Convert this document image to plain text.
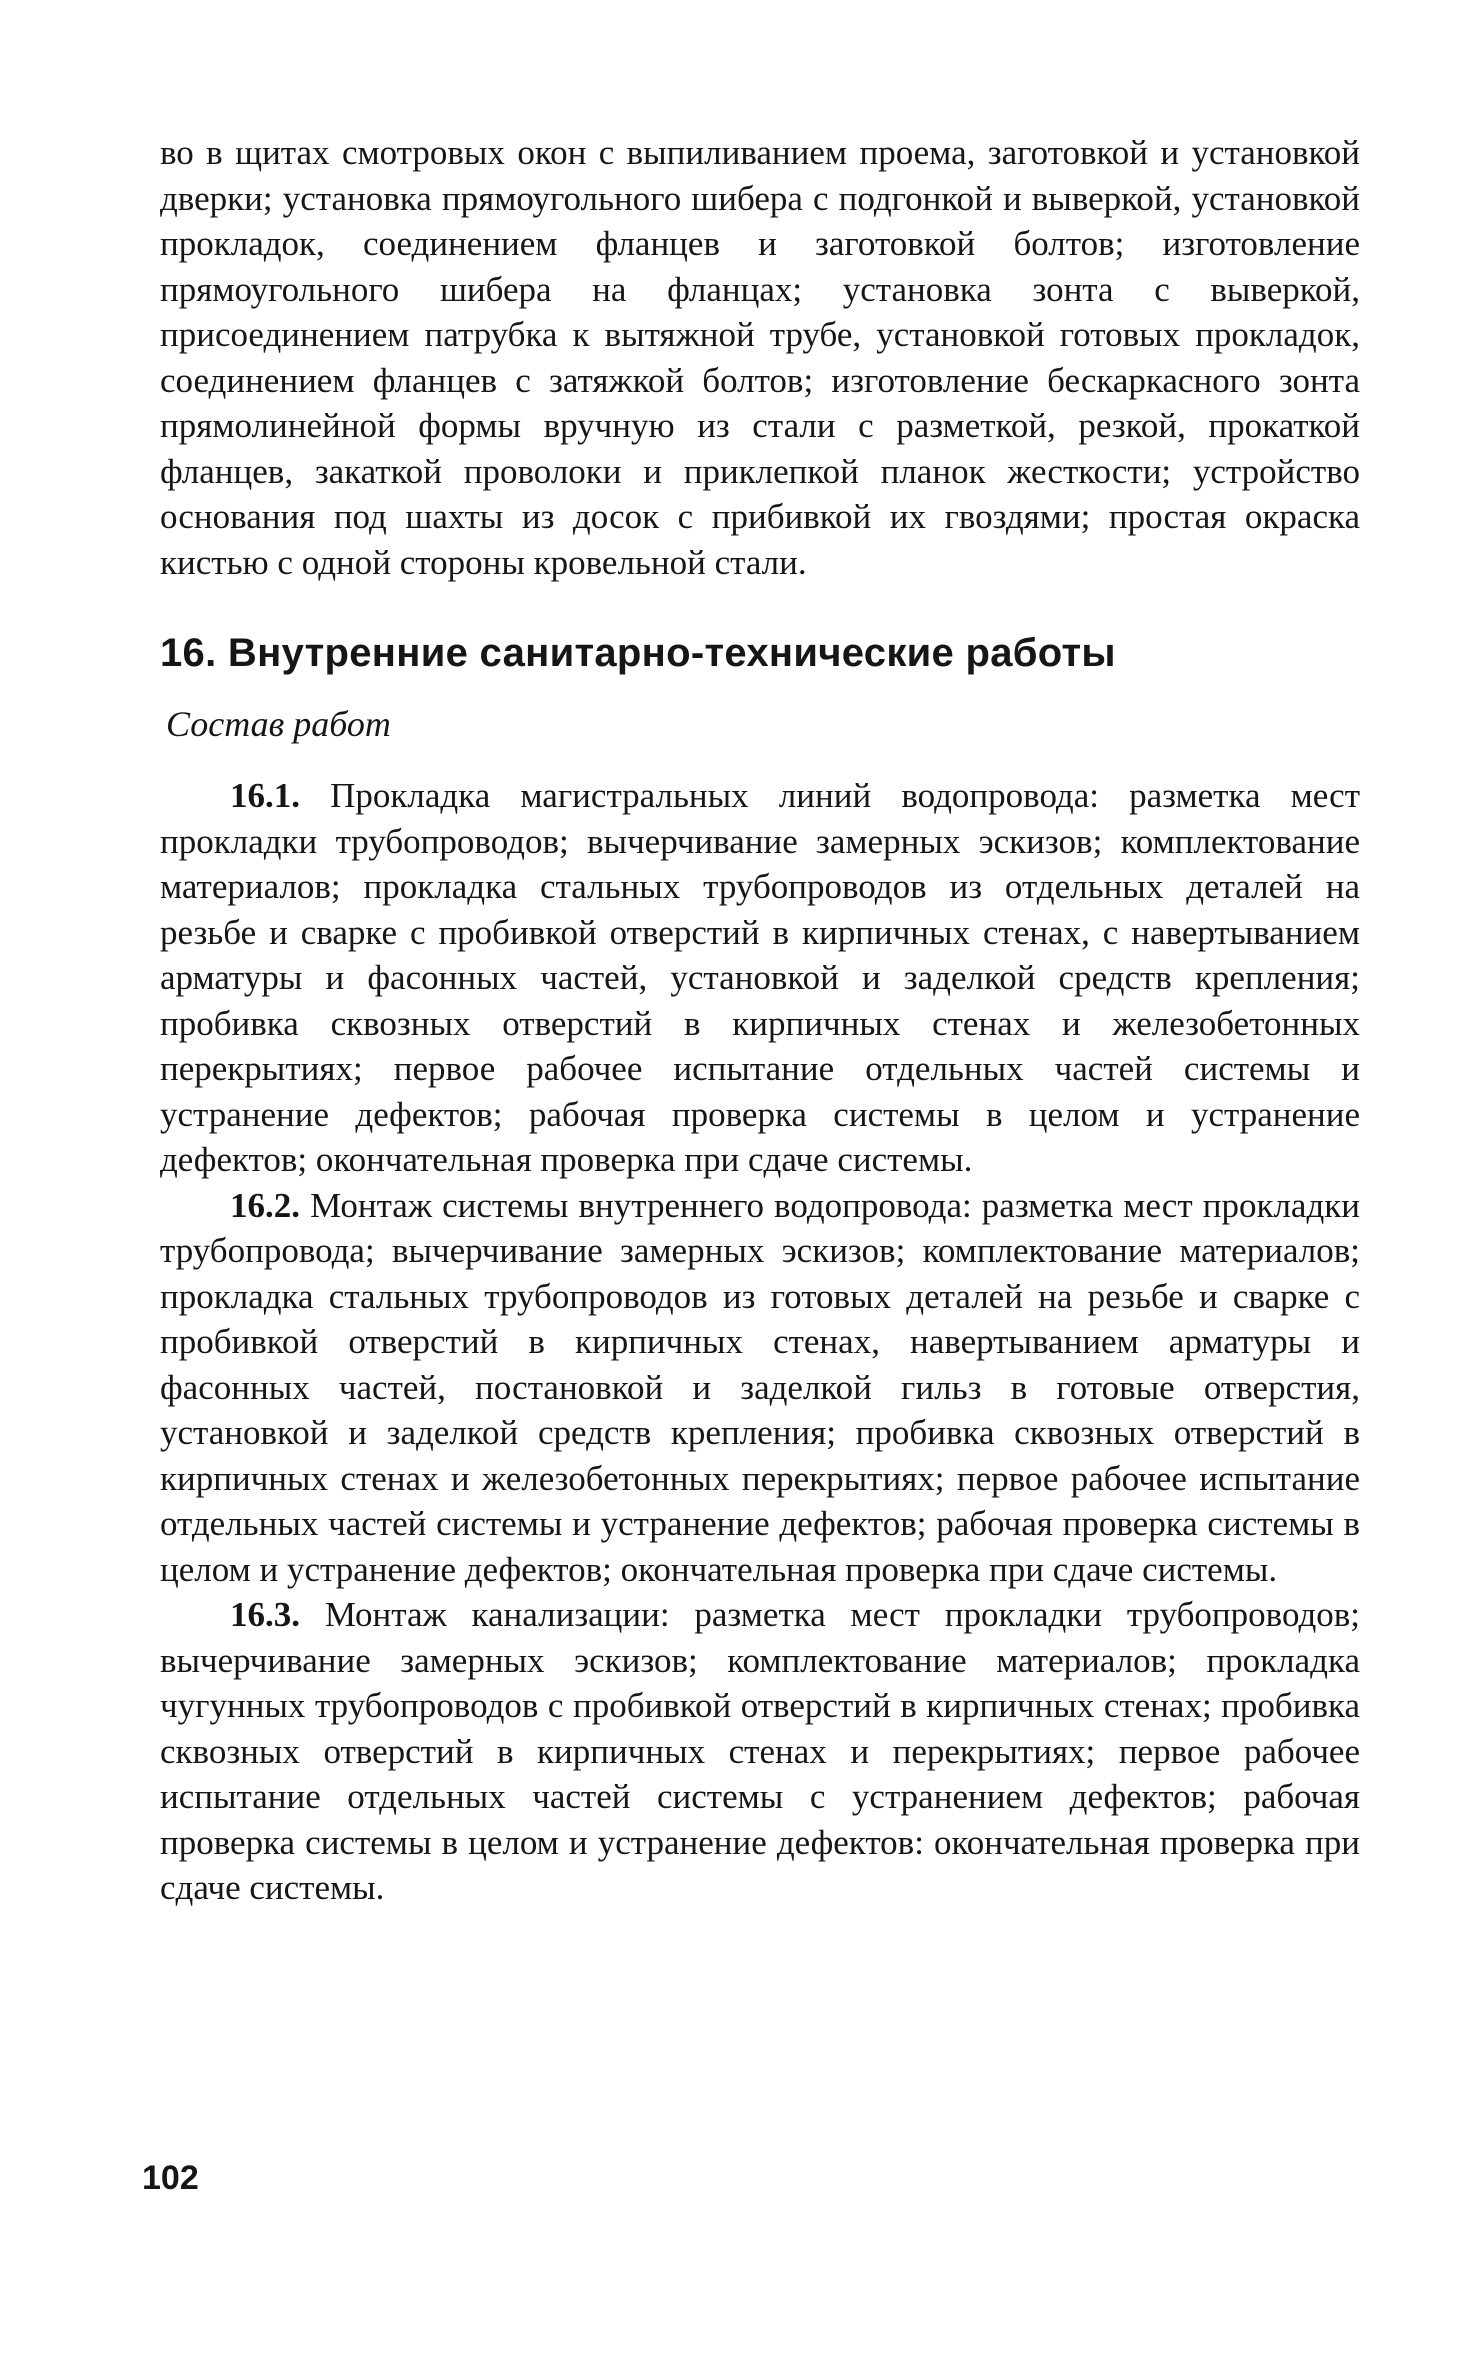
во в щитах смотровых окон с выпиливанием проема, заготовкой и установкой дверки; установка прямоугольного шибера с подгонкой и выверкой, установкой прокладок, соединением фланцев и заготовкой болтов; изготовление прямоугольного шибера на фланцах; установка зонта с выверкой, присоединением патрубка к вытяжной трубе, установкой готовых прокладок, соединением фланцев с затяжкой болтов; изготовление бескаркасного зонта прямолинейной формы вручную из стали с разметкой, резкой, прокаткой фланцев, закаткой проволоки и приклепкой планок жесткости; устройство основания под шахты из досок с прибивкой их гвоздями; простая окраска кистью с одной стороны кровельной стали.

16. Внутренние санитарно-технические работы
Состав работ

16.1. Прокладка магистральных линий водопровода: разметка мест прокладки трубопроводов; вычерчивание замерных эскизов; комплектование материалов; прокладка стальных трубопроводов из отдельных деталей на резьбе и сварке с пробивкой отверстий в кирпичных стенах, с навертыванием арматуры и фасонных частей, установкой и заделкой средств крепления; пробивка сквозных отверстий в кирпичных стенах и железобетонных перекрытиях; первое рабочее испытание отдельных частей системы и устранение дефектов; рабочая проверка системы в целом и устранение дефектов; окончательная проверка при сдаче системы.

16.2. Монтаж системы внутреннего водопровода: разметка мест прокладки трубопровода; вычерчивание замерных эскизов; комплектование материалов; прокладка стальных трубопроводов из готовых деталей на резьбе и сварке с пробивкой отверстий в кирпичных стенах, навертыванием арматуры и фасонных частей, постановкой и заделкой гильз в готовые отверстия, установкой и заделкой средств крепления; пробивка сквозных отверстий в кирпичных стенах и железобетонных перекрытиях; первое рабочее испытание отдельных частей системы и устранение дефектов; рабочая проверка системы в целом и устранение дефектов; окончательная проверка при сдаче системы.

16.3. Монтаж канализации: разметка мест прокладки трубопроводов; вычерчивание замерных эскизов; комплектование материалов; прокладка чугунных трубопроводов с пробивкой отверстий в кирпичных стенах; пробивка сквозных отверстий в кирпичных стенах и перекрытиях; первое рабочее испытание отдельных частей системы с устранением дефектов; рабочая проверка системы в целом и устранение дефектов: окончательная проверка при сдаче системы.

102
